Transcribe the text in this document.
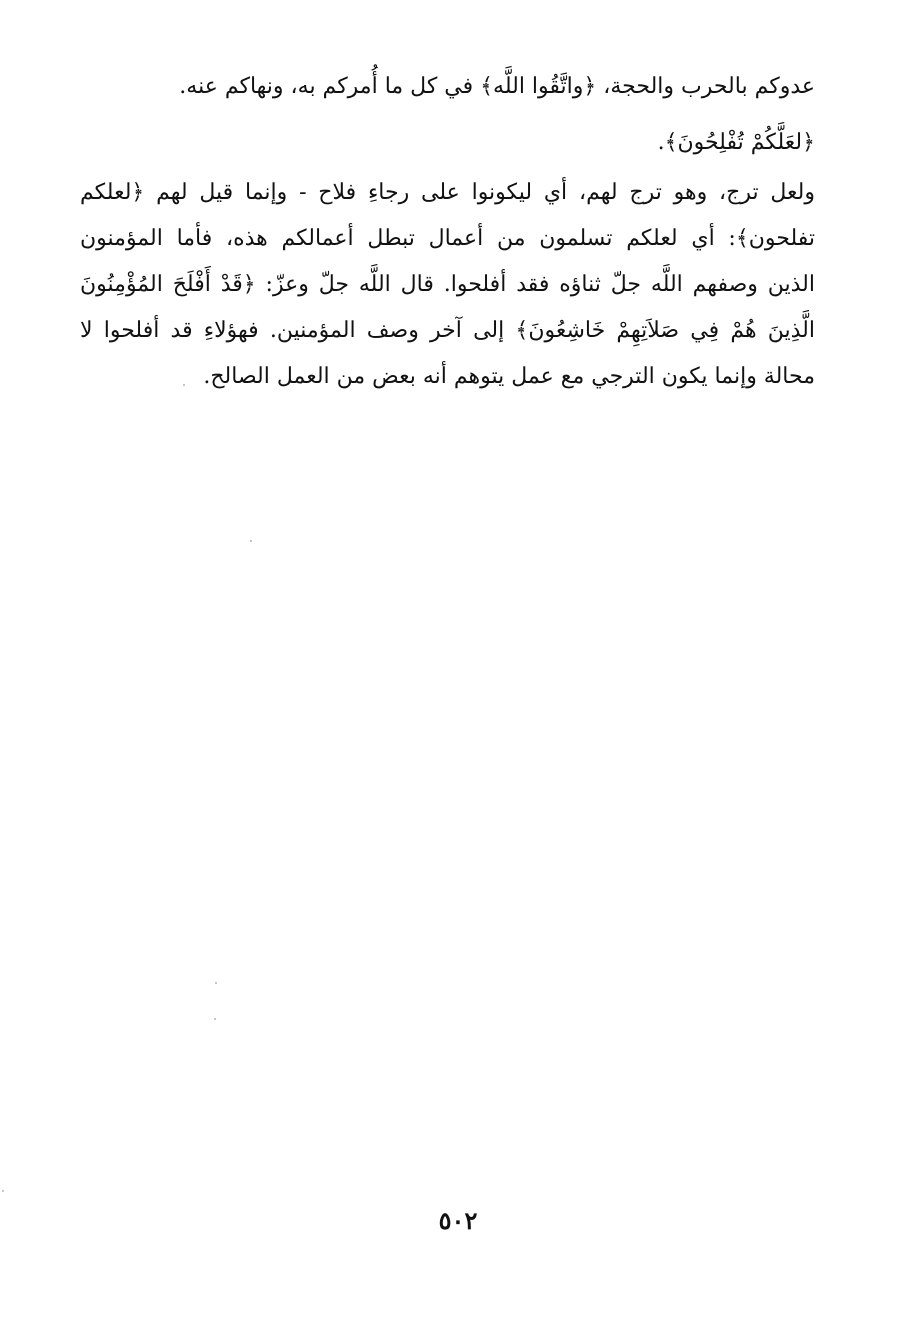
عدوكم بالحرب والحجة، ﴿واتَّقُوا اللَّه﴾ في كل ما أُمركم به، ونهاكم عنه.
﴿لعَلَّكُمْ تُفْلِحُونَ﴾.
ولعل ترج، وهو ترج لهم، أي ليكونوا على رجاءِ فلاح - وإنما قيل لهم ﴿لعلكم
تفلحون﴾: أي لعلكم تسلمون من أعمال تبطل أعمالكم هذه، فأما المؤمنون
الذين وصفهم اللَّه جلّ ثناؤه فقد أفلحوا. قال اللَّه جلّ وعزّ: ﴿قَدْ أَفْلَحَ المُؤْمِنُونَ
الَّذِينَ هُمْ فِي صَلاَتِهِمْ خَاشِعُونَ﴾ إلى آخر وصف المؤمنين. فهؤلاءِ قد أفلحوا لا
محالة وإنما يكون الترجي مع عمل يتوهم أنه بعض من العمل الصالح.
٥٠٢
